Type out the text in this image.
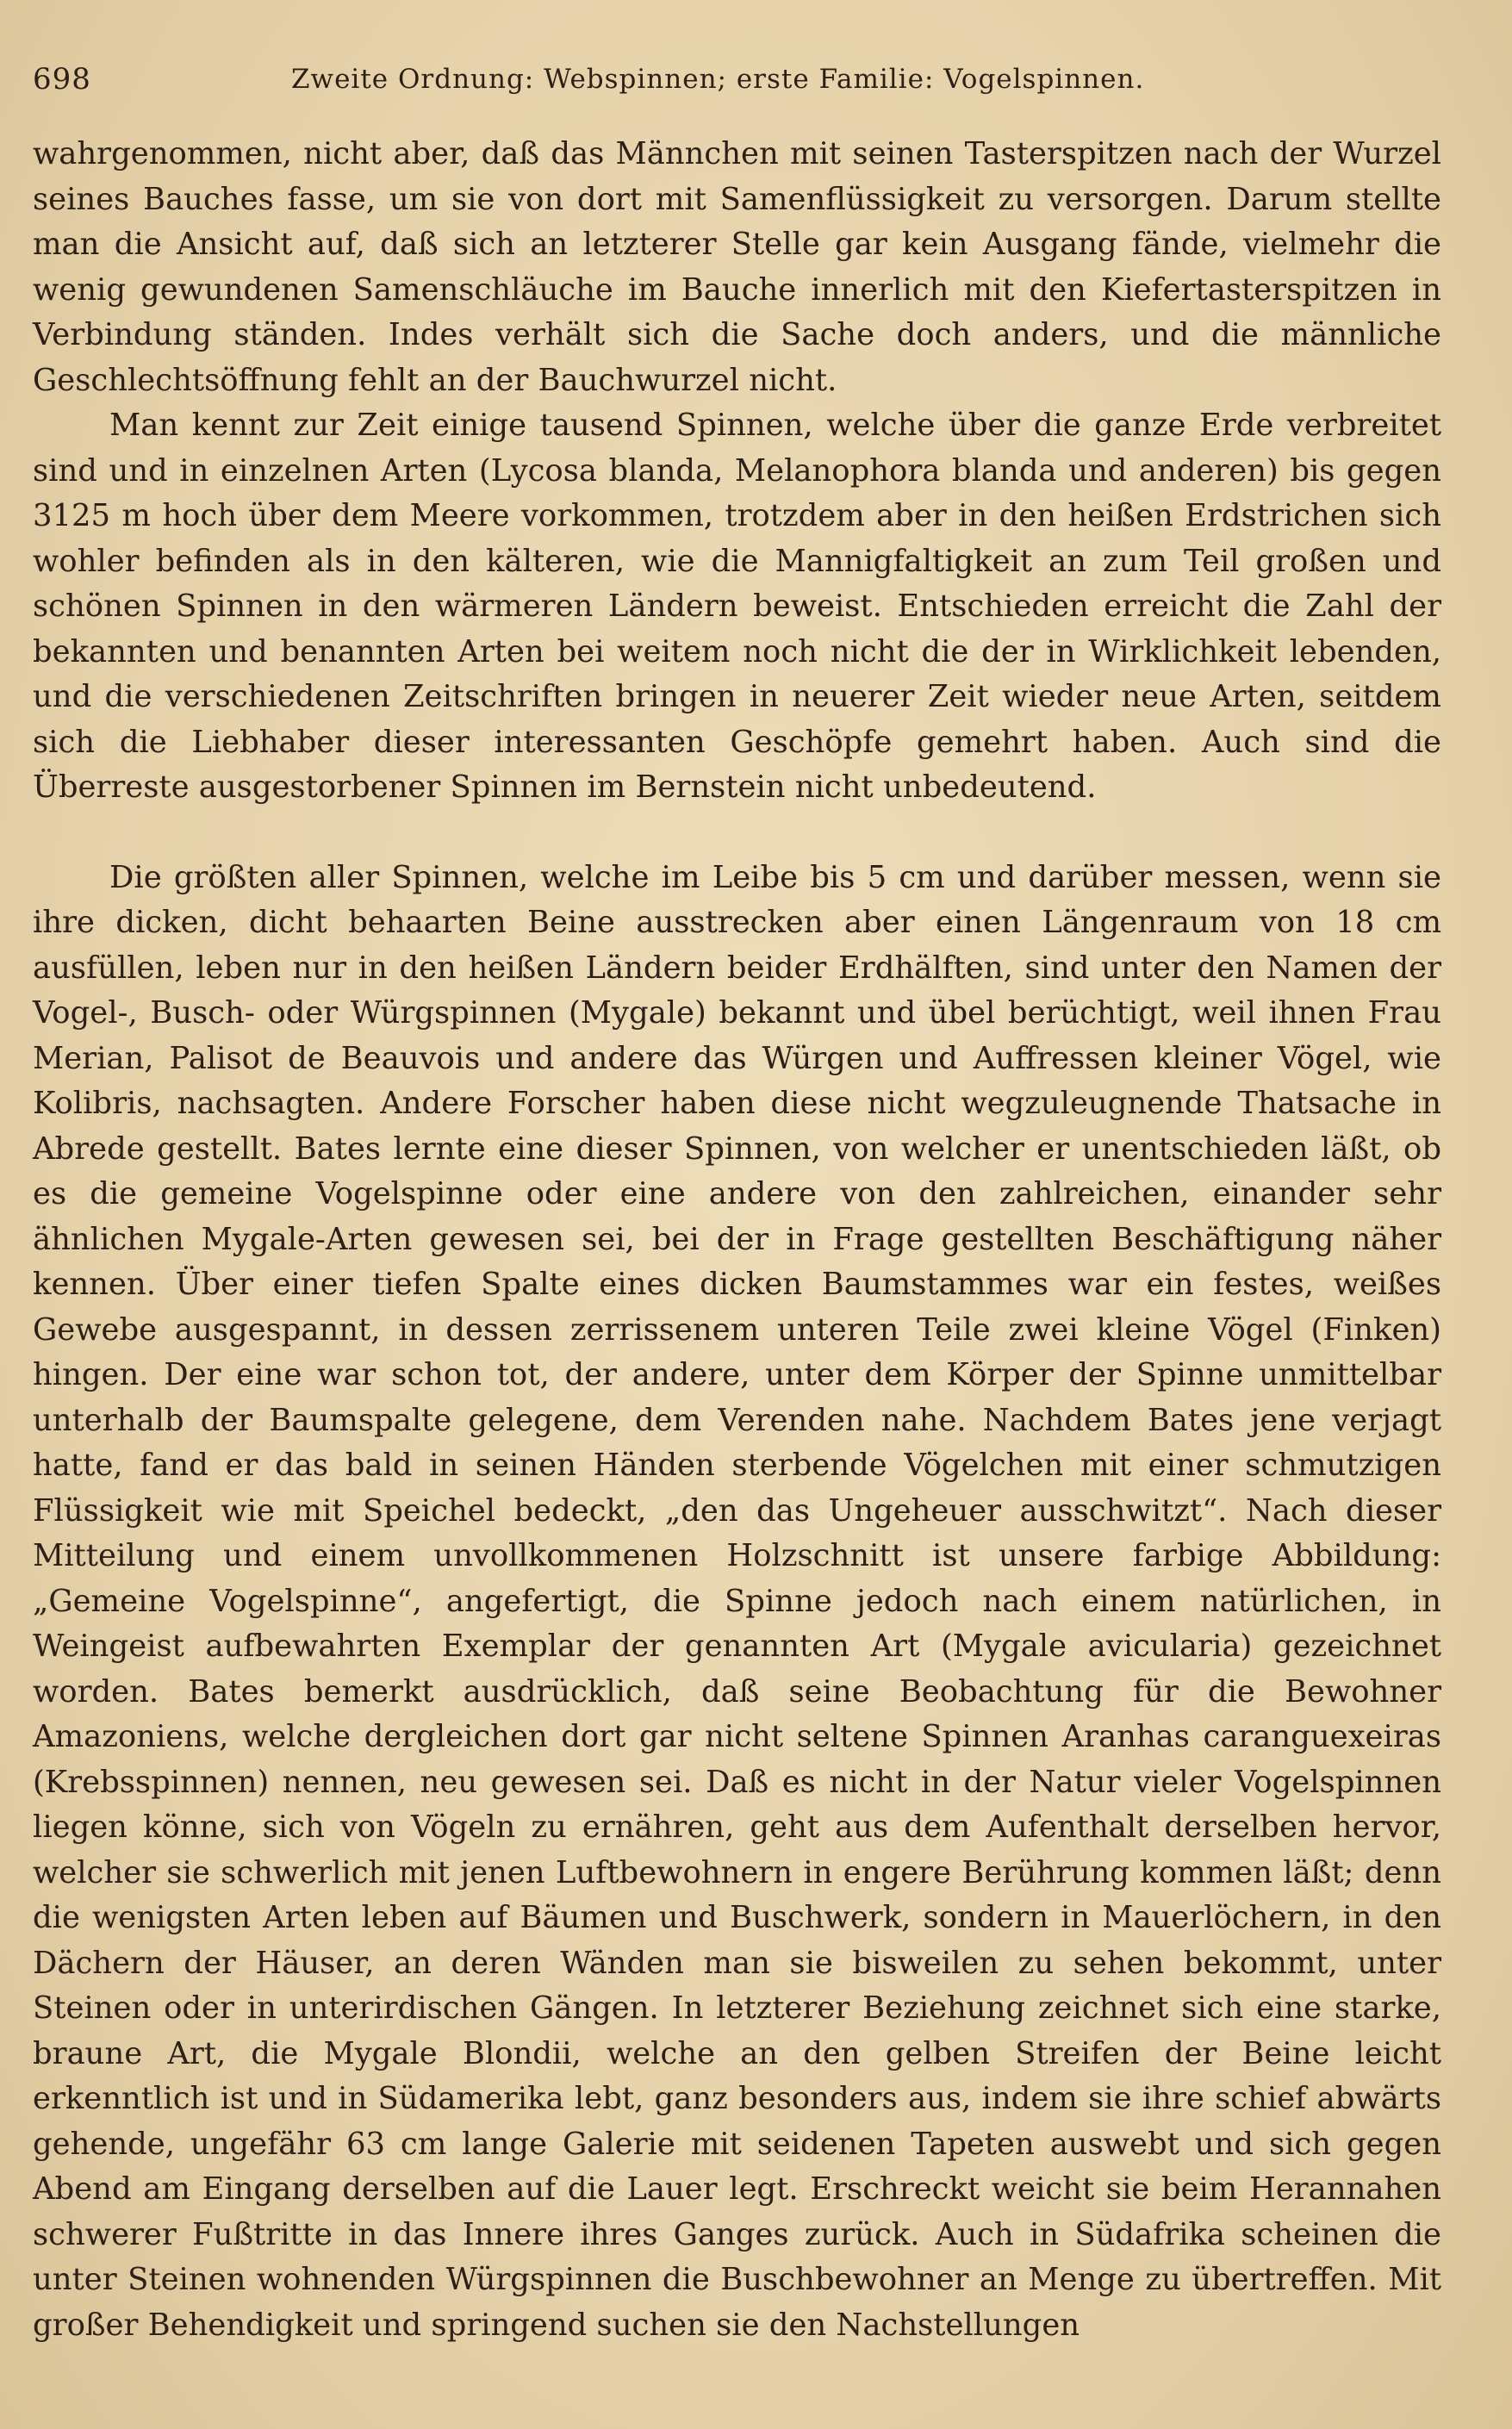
698	Zweite Ordnung: Webspinnen; erste Familie: Vogelspinnen.

wahrgenommen, nicht aber, daß das Männchen mit seinen Tasterspitzen nach der Wurzel seines Bauches fasse, um sie von dort mit Samenflüssigkeit zu versorgen. Darum stellte man die Ansicht auf, daß sich an letzterer Stelle gar kein Ausgang fände, vielmehr die wenig gewundenen Samenschläuche im Bauche innerlich mit den Kiefertasterspitzen in Verbindung ständen. Indes verhält sich die Sache doch anders, und die männliche Geschlechtsöffnung fehlt an der Bauchwurzel nicht.

Man kennt zur Zeit einige tausend Spinnen, welche über die ganze Erde verbreitet sind und in einzelnen Arten (Lycosa blanda, Melanophora blanda und anderen) bis gegen 3125 m hoch über dem Meere vorkommen, trotzdem aber in den heißen Erdstrichen sich wohler befinden als in den kälteren, wie die Mannigfaltigkeit an zum Teil großen und schönen Spinnen in den wärmeren Ländern beweist. Entschieden erreicht die Zahl der bekannten und benannten Arten bei weitem noch nicht die der in Wirklichkeit lebenden, und die verschiedenen Zeitschriften bringen in neuerer Zeit wieder neue Arten, seitdem sich die Liebhaber dieser interessanten Geschöpfe gemehrt haben. Auch sind die Überreste ausgestorbener Spinnen im Bernstein nicht unbedeutend.

Die größten aller Spinnen, welche im Leibe bis 5 cm und darüber messen, wenn sie ihre dicken, dicht behaarten Beine ausstrecken aber einen Längenraum von 18 cm ausfüllen, leben nur in den heißen Ländern beider Erdhälften, sind unter den Namen der Vogel-, Busch- oder Würgspinnen (Mygale) bekannt und übel berüchtigt, weil ihnen Frau Merian, Palisot de Beauvois und andere das Würgen und Auffressen kleiner Vögel, wie Kolibris, nachsagten. Andere Forscher haben diese nicht wegzuleugnende Thatsache in Abrede gestellt. Bates lernte eine dieser Spinnen, von welcher er unentschieden läßt, ob es die gemeine Vogelspinne oder eine andere von den zahlreichen, einander sehr ähnlichen Mygale-Arten gewesen sei, bei der in Frage gestellten Beschäftigung näher kennen. Über einer tiefen Spalte eines dicken Baumstammes war ein festes, weißes Gewebe ausgespannt, in dessen zerrissenem unteren Teile zwei kleine Vögel (Finken) hingen. Der eine war schon tot, der andere, unter dem Körper der Spinne unmittelbar unterhalb der Baumspalte gelegene, dem Verenden nahe. Nachdem Bates jene verjagt hatte, fand er das bald in seinen Händen sterbende Vögelchen mit einer schmutzigen Flüssigkeit wie mit Speichel bedeckt, „den das Ungeheuer ausschwitzt“. Nach dieser Mitteilung und einem unvollkommenen Holzschnitt ist unsere farbige Abbildung: „Gemeine Vogelspinne“, angefertigt, die Spinne jedoch nach einem natürlichen, in Weingeist aufbewahrten Exemplar der genannten Art (Mygale avicularia) gezeichnet worden. Bates bemerkt ausdrücklich, daß seine Beobachtung für die Bewohner Amazoniens, welche dergleichen dort gar nicht seltene Spinnen Aranhas caranguexeiras (Krebsspinnen) nennen, neu gewesen sei. Daß es nicht in der Natur vieler Vogelspinnen liegen könne, sich von Vögeln zu ernähren, geht aus dem Aufenthalt derselben hervor, welcher sie schwerlich mit jenen Luftbewohnern in engere Berührung kommen läßt; denn die wenigsten Arten leben auf Bäumen und Buschwerk, sondern in Mauerlöchern, in den Dächern der Häuser, an deren Wänden man sie bisweilen zu sehen bekommt, unter Steinen oder in unterirdischen Gängen. In letzterer Beziehung zeichnet sich eine starke, braune Art, die Mygale Blondii, welche an den gelben Streifen der Beine leicht erkenntlich ist und in Südamerika lebt, ganz besonders aus, indem sie ihre schief abwärts gehende, ungefähr 63 cm lange Galerie mit seidenen Tapeten auswebt und sich gegen Abend am Eingang derselben auf die Lauer legt. Erschreckt weicht sie beim Herannahen schwerer Fußtritte in das Innere ihres Ganges zurück. Auch in Südafrika scheinen die unter Steinen wohnenden Würgspinnen die Buschbewohner an Menge zu übertreffen. Mit großer Behendigkeit und springend suchen sie den Nachstellungen
